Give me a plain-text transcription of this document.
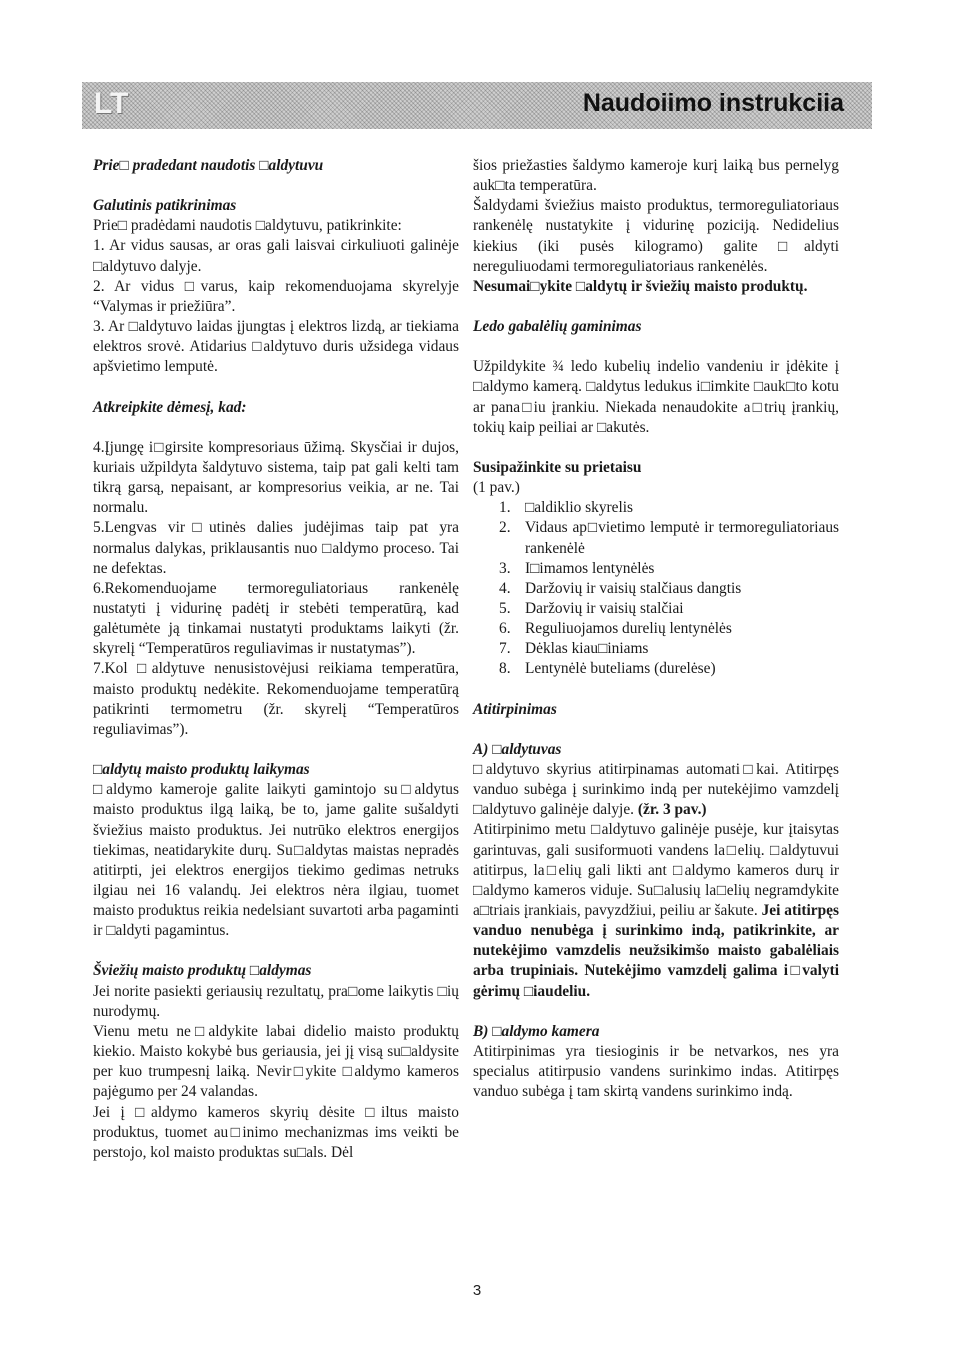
LT	Naudoiimo instrukciia

Prie□ pradedant naudotis □aldytuvu

Galutinis patikrinimas

Prie□ pradėdami naudotis □aldytuvu, patikrinkite:

1. Ar vidus sausas, ar oras gali laisvai cirkuliuoti galinėje □aldytuvo dalyje.

2. Ar vidus □varus, kaip rekomenduojama skyrelyje “Valymas ir priežiūra”.

3. Ar □aldytuvo laidas įjungtas į elektros lizdą, ar tiekiama elektros srovė. Atidarius □aldytuvo duris užsidega vidaus apšvietimo lemputė.

Atkreipkite dėmesį, kad:

4.Įjungę i□girsite kompresoriaus ūžimą. Skysčiai ir dujos, kuriais užpildyta šaldytuvo sistema, taip pat gali kelti tam tikrą garsą, nepaisant, ar kompresorius veikia, ar ne. Tai normalu.

5.Lengvas vir□utinės dalies judėjimas taip pat yra normalus dalykas, priklausantis nuo □aldymo proceso. Tai ne defektas.

6.Rekomenduojame termoreguliatoriaus rankenėlę nustatyti į vidurinę padėtį ir stebėti temperatūrą, kad galėtumėte ją tinkamai nustatyti produktams laikyti (žr. skyrelį “Temperatūros reguliavimas ir nustatymas”).

7.Kol □aldytuve nenusistovėjusi reikiama temperatūra, maisto produktų nedėkite. Rekomenduojame temperatūrą patikrinti termometru (žr. skyrelį “Temperatūros reguliavimas”).

□aldytų maisto produktų laikymas

□aldymo kameroje galite laikyti gamintojo su□aldytus maisto produktus ilgą laiką, be to, jame galite sušaldyti šviežius maisto produktus. Jei nutrūko elektros energijos tiekimas, neatidarykite durų. Su□aldytas maistas nepradės atitirpti, jei elektros energijos tiekimo gedimas netruks ilgiau nei 16 valandų. Jei elektros nėra ilgiau, tuomet maisto produktus reikia nedelsiant suvartoti arba pagaminti ir □aldyti pagamintus.

Šviežių maisto produktų □aldymas

Jei norite pasiekti geriausių rezultatų, pra□ome laikytis □ių nurodymų.

Vienu metu ne□aldykite labai didelio maisto produktų kiekio. Maisto kokybė bus geriausia, jei jį visą su□aldysite per kuo trumpesnį laiką. Nevir□ykite □aldymo kameros pajėgumo per 24 valandas.

Jei į □aldymo kameros skyrių dėsite □iltus maisto produktus, tuomet au□inimo mechanizmas ims veikti be perstojo, kol maisto produktas su□als. Dėl

šios priežasties šaldymo kameroje kurį laiką bus pernelyg auk□ta temperatūra.

Šaldydami šviežius maisto produktus, termoreguliatoriaus rankenėlę nustatykite į vidurinę poziciją. Nedidelius kiekius (iki pusės kilogramo) galite □aldyti nereguliuodami termoreguliatoriaus rankenėlės.

Nesumai□ykite □aldytų ir šviežių maisto produktų.

Ledo gabalėlių gaminimas

Užpildykite ¾ ledo kubelių indelio vandeniu ir įdėkite į □aldymo kamerą. □aldytus ledukus i□imkite □auk□to kotu ar pana□iu įrankiu. Niekada nenaudokite a□trių įrankių, tokių kaip peiliai ar □akutės.

Susipažinkite su prietaisu

(1 pav.)

1. □aldiklio skyrelis
2. Vidaus ap□vietimo lemputė ir termoreguliatoriaus rankenėlė
3. I□imamos lentynėlės
4. Daržovių ir vaisių stalčiaus dangtis
5. Daržovių ir vaisių stalčiai
6. Reguliuojamos durelių lentynėlės
7. Dėklas kiau□iniams
8. Lentynėlė buteliams (durelėse)

Atitirpinimas

A) □aldytuvas

□aldytuvo skyrius atitirpinamas automati□kai. Atitirpęs vanduo subėga į surinkimo indą per nutekėjimo vamzdelį □aldytuvo galinėje dalyje. (žr. 3 pav.)

Atitirpinimo metu □aldytuvo galinėje pusėje, kur įtaisytas garintuvas, gali susiformuoti vandens la□elių. □aldytuvui atitirpus, la□elių gali likti ant □aldymo kameros durų ir □aldymo kameros viduje. Su□alusių la□elių negramdykite a□triais įrankiais, pavyzdžiui, peiliu ar šakute. Jei atitirpęs vanduo nenubėga į surinkimo indą, patikrinkite, ar nutekėjimo vamzdelis neužsikimšo maisto gabalėliais arba trupiniais. Nutekėjimo vamzdelį galima i□valyti gėrimų □iaudeliu.

B) □aldymo kamera

Atitirpinimas yra tiesioginis ir be netvarkos, nes yra specialus atitirpusio vandens surinkimo indas. Atitirpęs vanduo subėga į tam skirtą vandens surinkimo indą.

3
